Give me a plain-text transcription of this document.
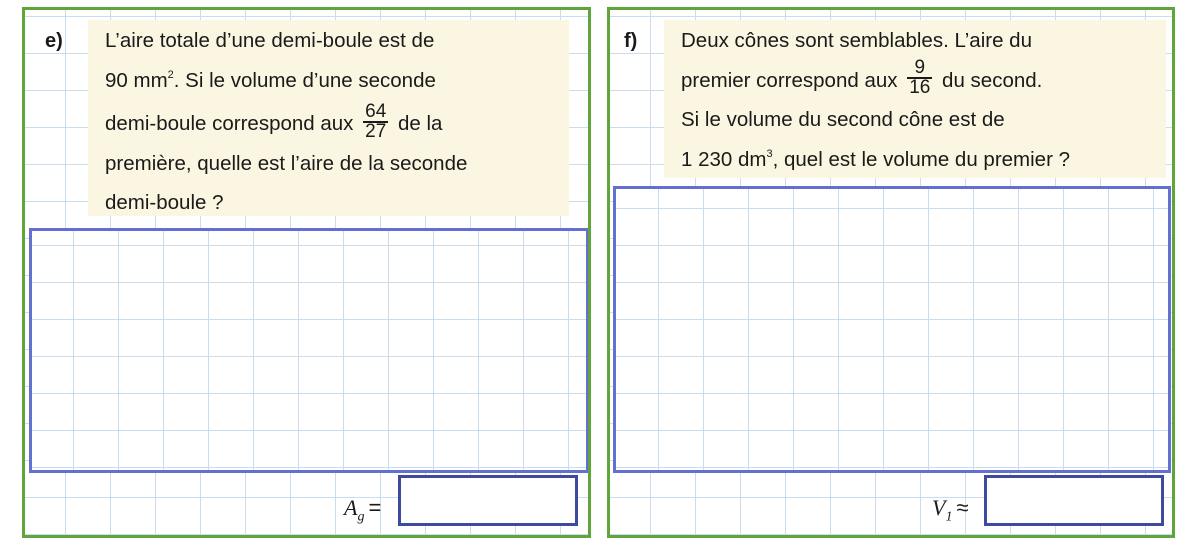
L’aire totale d’une demi-boule est de
90 $mm^2$. Si le volume d’une seconde
demi-boule correspond aux $\frac{64}{27}$ de la
première, quelle est l’aire de la seconde
demi-boule ?
e)
$A_g$ =
Deux cônes sont semblables. L’aire du
premier correspond aux $\frac{9}{16}$ du second.
Si le volume du second cône est de
1 230 $dm^3$, quel est le volume du premier ?
f)
$V_1$ ≈
